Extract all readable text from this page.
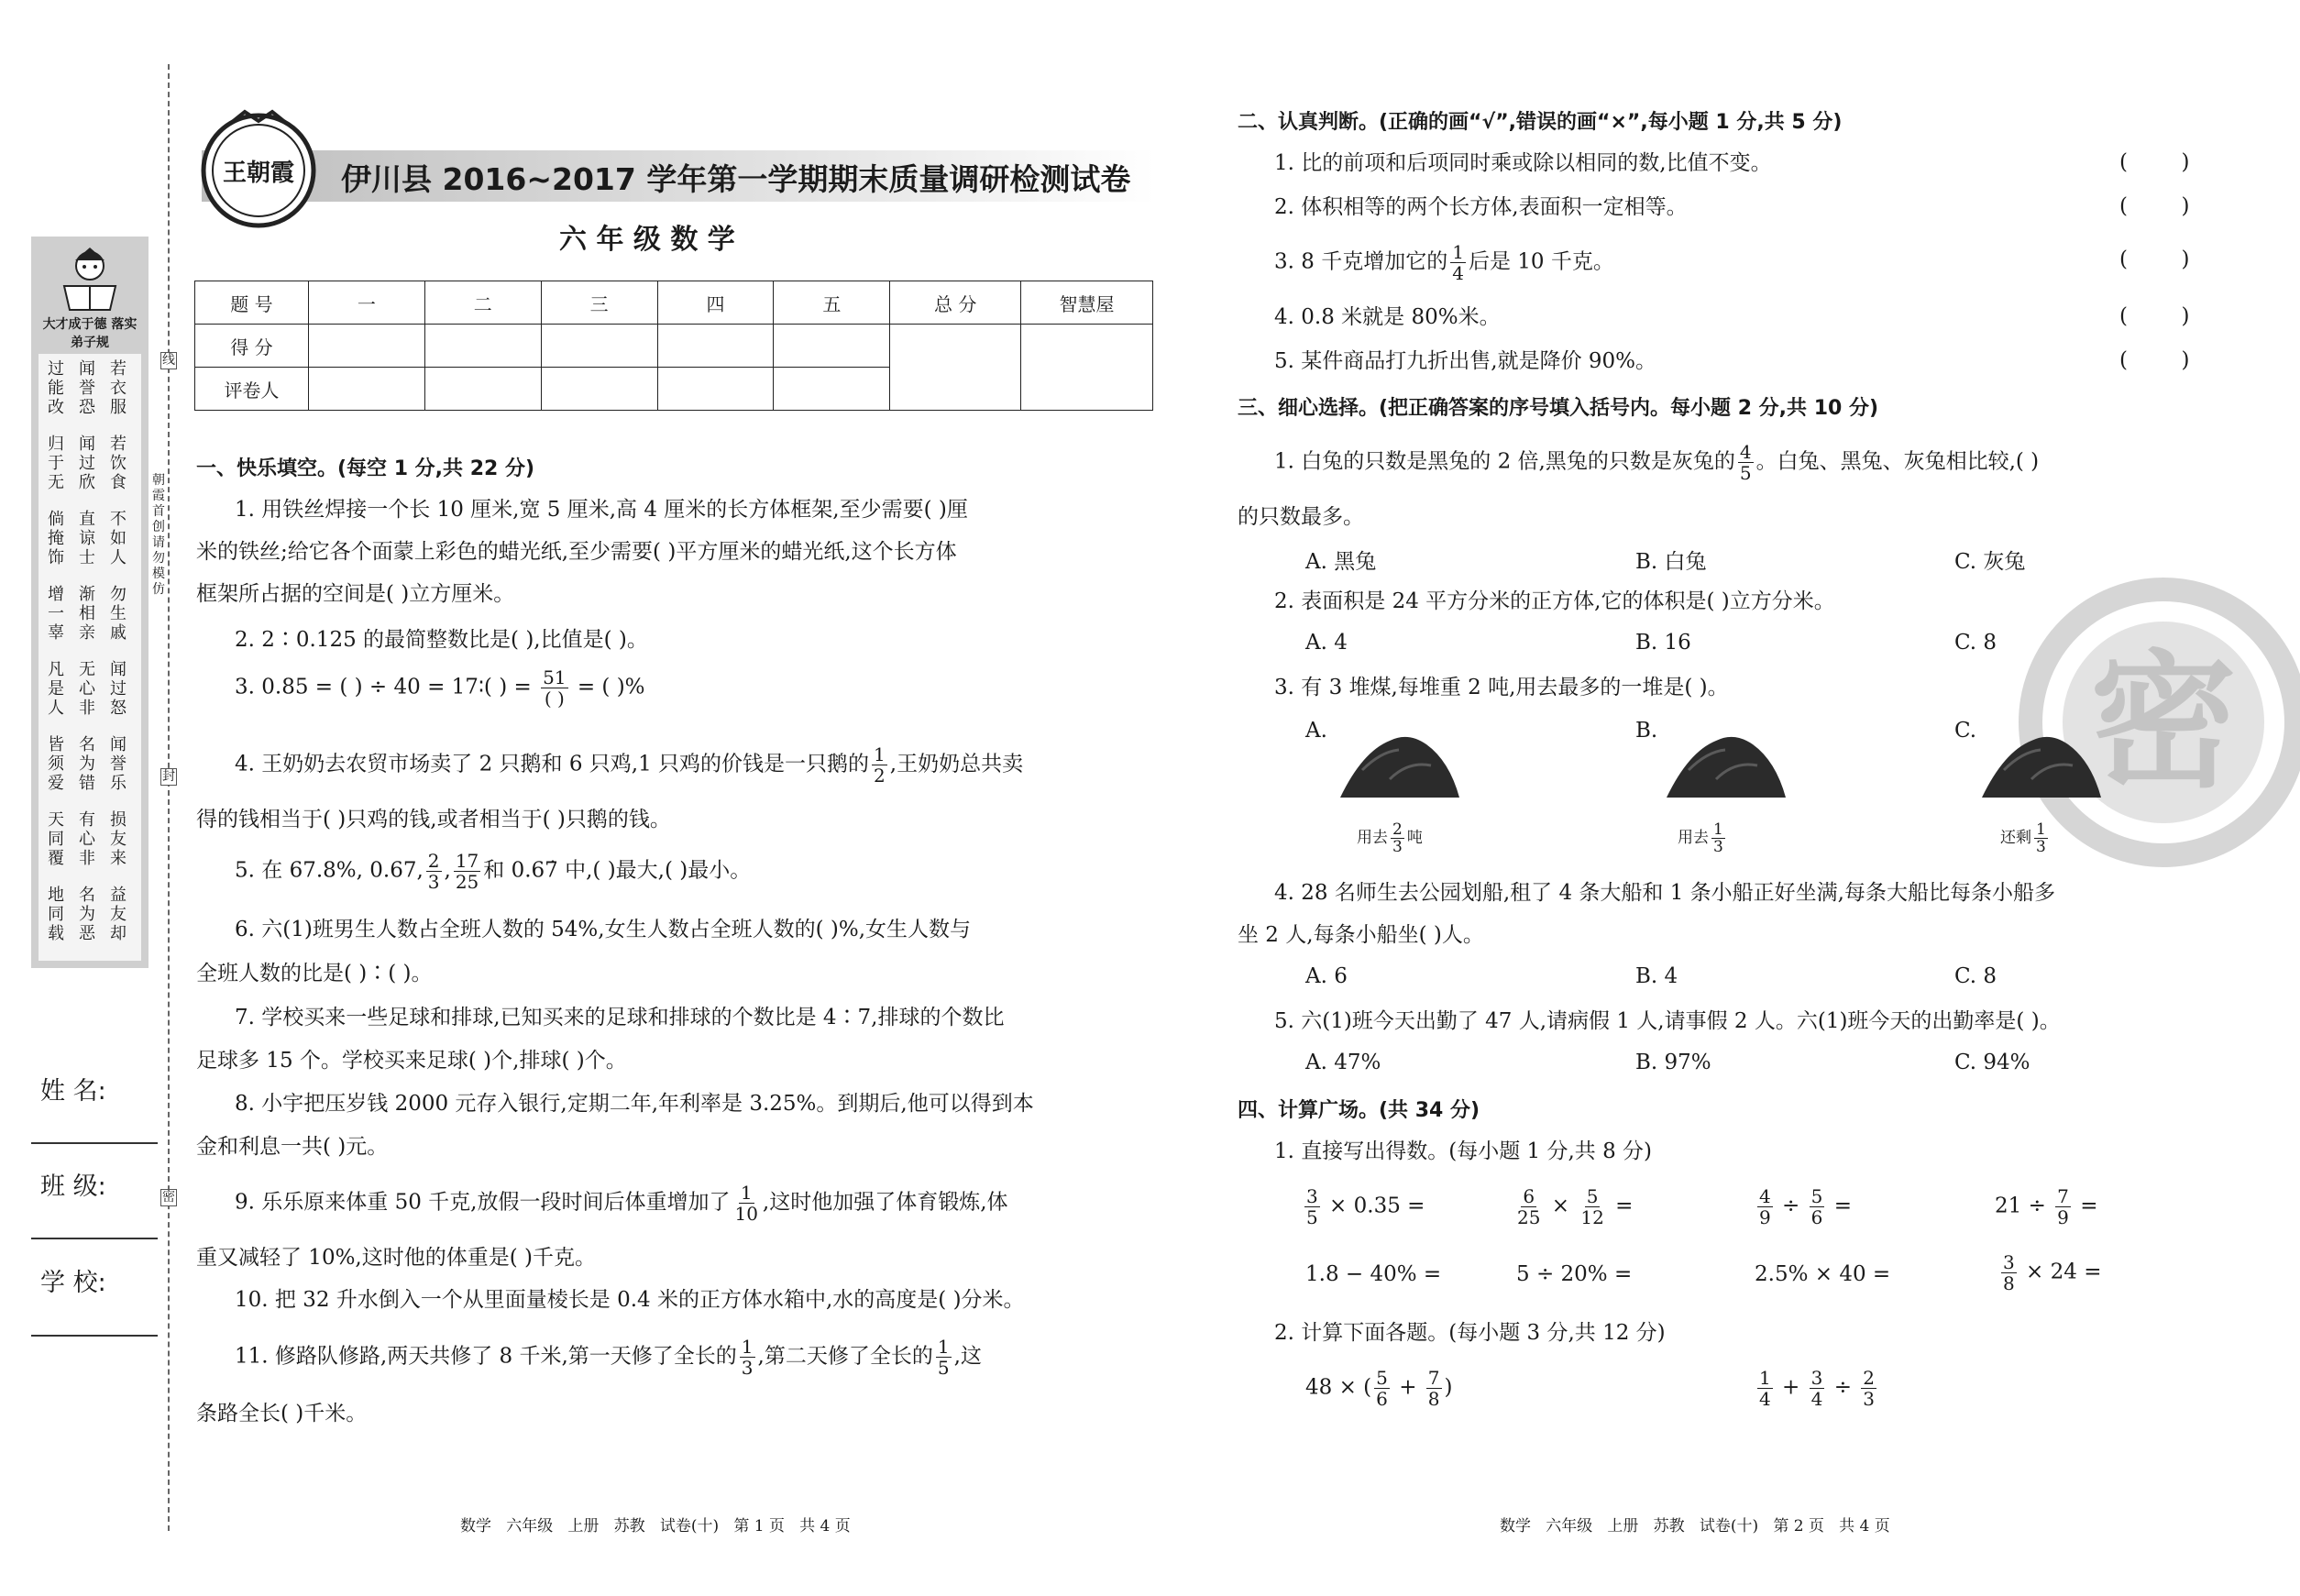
线
封
密
朝霞首创 请勿模仿
大才成于德 落实弟子规
过能改
闻誉恐
若衣服
归于无
闻过欣
若饮食
倘掩饰
直谅士
不如人
增一辜
渐相亲
勿生戚
凡是人
无心非
闻过怒
皆须爱
名为错
闻誉乐
天同覆
有心非
损友来
地同载
名为恶
益友却
姓 名:
班 级:
学 校:
王朝霞	伊川县 2016~2017 学年第一学期期末质量调研检测试卷
六 年 级 数 学
题 号	一	二	三	四	五	总 分	智慧屋
得 分							
评卷人							
一、快乐填空。(每空 1 分,共 22 分)
1. 用铁丝焊接一个长 10 厘米,宽 5 厘米,高 4 厘米的长方体框架,至少需要( )厘
米的铁丝;给它各个面蒙上彩色的蜡光纸,至少需要( )平方厘米的蜡光纸,这个长方体
框架所占据的空间是( )立方厘米。
2. 2∶0.125 的最简整数比是( ),比值是( )。
3. 0.85 = ( ) ÷ 40 = 17∶( ) = $\frac{51}{( )}$ = ( )%
4. 王奶奶去农贸市场卖了 2 只鹅和 6 只鸡,1 只鸡的价钱是一只鹅的 $\frac{1}{2}$ ,王奶奶总共卖
得的钱相当于( )只鸡的钱,或者相当于( )只鹅的钱。
5. 在 67.8%, 0.67, $\frac{2}{3}$ , $\frac{17}{25}$ 和 0.67̇ 中,( )最大,( )最小。
6. 六(1)班男生人数占全班人数的 54%,女生人数占全班人数的( )%,女生人数与
全班人数的比是( )∶( )。
7. 学校买来一些足球和排球,已知买来的足球和排球的个数比是 4∶7,排球的个数比
足球多 15 个。学校买来足球( )个,排球( )个。
8. 小宇把压岁钱 2000 元存入银行,定期二年,年利率是 3.25%。到期后,他可以得到本
金和利息一共( )元。
9. 乐乐原来体重 50 千克,放假一段时间后体重增加了 $\frac{1}{10}$ ,这时他加强了体育锻炼,体
重又减轻了 10%,这时他的体重是( )千克。
10. 把 32 升水倒入一个从里面量棱长是 0.4 米的正方体水箱中,水的高度是( )分米。
11. 修路队修路,两天共修了 8 千米,第一天修了全长的 $\frac{1}{3}$ ,第二天修了全长的 $\frac{1}{5}$ ,这
条路全长( )千米。
密
二、认真判断。(正确的画“√”,错误的画“×”,每小题 1 分,共 5 分)
1. 比的前项和后项同时乘或除以相同的数,比值不变。	(        )
2. 体积相等的两个长方体,表面积一定相等。	(        )
3. 8 千克增加它的 $\frac{1}{4}$ 后是 10 千克。	(        )
4. 0.8 米就是 80%米。	(        )
5. 某件商品打九折出售,就是降价 90%。	(        )
三、细心选择。(把正确答案的序号填入括号内。每小题 2 分,共 10 分)
1. 白兔的只数是黑兔的 2 倍,黑兔的只数是灰兔的 $\frac{4}{5}$ 。白兔、黑兔、灰兔相比较,( )
的只数最多。
A. 黑兔	B. 白兔	C. 灰兔
2. 表面积是 24 平方分米的正方体,它的体积是( )立方分米。
A. 4	B. 16	C. 8
3. 有 3 堆煤,每堆重 2 吨,用去最多的一堆是( )。
A.	B.	C.
用去 $\frac{2}{3}$ 吨	用去 $\frac{1}{3}$	还剩 $\frac{1}{3}$
4. 28 名师生去公园划船,租了 4 条大船和 1 条小船正好坐满,每条大船比每条小船多
坐 2 人,每条小船坐( )人。
A. 6	B. 4	C. 8
5. 六(1)班今天出勤了 47 人,请病假 1 人,请事假 2 人。六(1)班今天的出勤率是( )。
A. 47%	B. 97%	C. 94%
四、计算广场。(共 34 分)
1. 直接写出得数。(每小题 1 分,共 8 分)
$\frac{3}{5} \times 0.35$ =	$\frac{6}{25} \times \frac{5}{12}$ =	$\frac{4}{9} \div \frac{5}{6}$ =	$21 \div \frac{7}{9}$ =
1.8 − 40% =	5 ÷ 20% =	2.5% × 40 =	$\frac{3}{8} \times 24$ =
2. 计算下面各题。(每小题 3 分,共 12 分)
48 × ( $\frac{5}{6} + \frac{7}{8}$ )	$\frac{1}{4} + \frac{3}{4} \div \frac{2}{3}$
数学   六年级   上册   苏教   试卷(十)   第 1 页   共 4 页	数学   六年级   上册   苏教   试卷(十)   第 2 页   共 4 页
